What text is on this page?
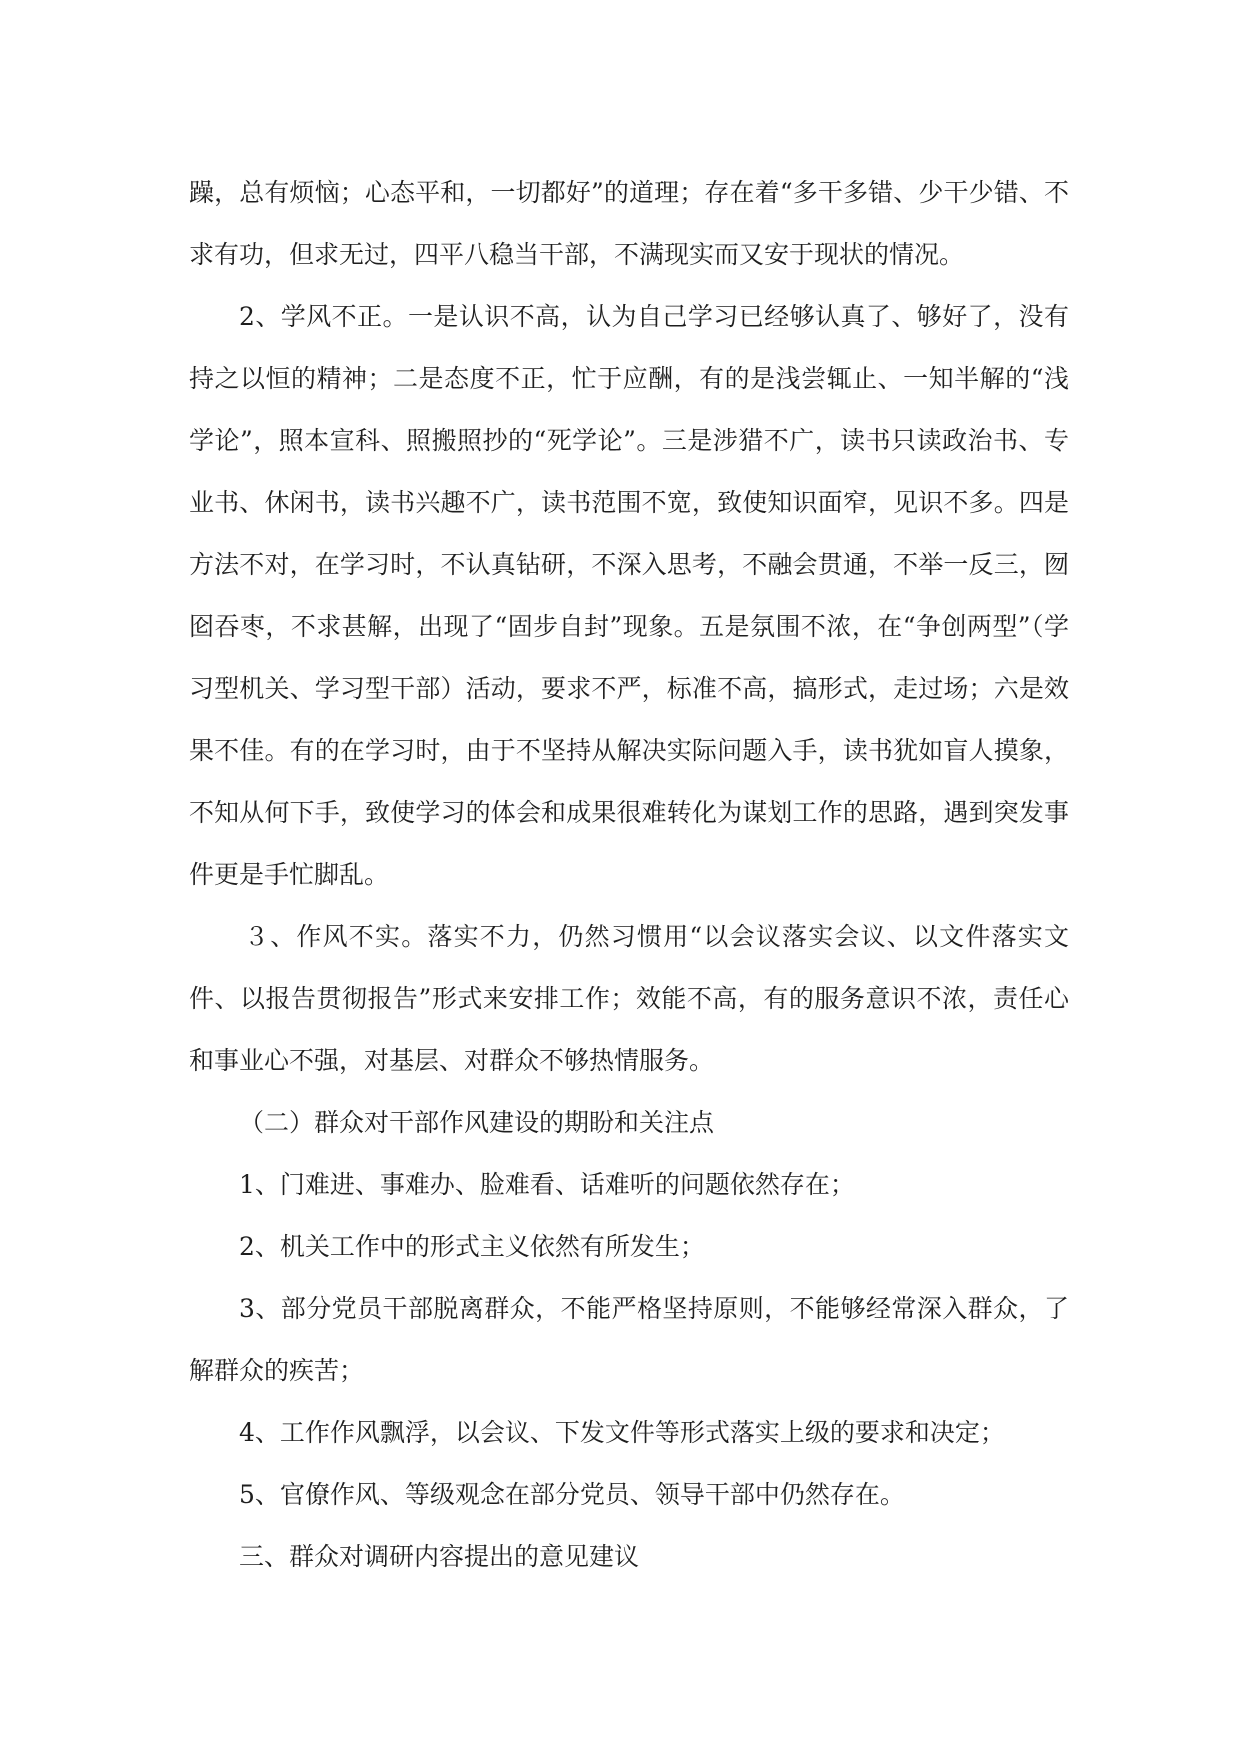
躁，总有烦恼；心态平和，一切都好”的道理；存在着“多干多错、少干少错、不求有功，但求无过，四平八稳当干部，不满现实而又安于现状的情况。

2、学风不正。一是认识不高，认为自己学习已经够认真了、够好了，没有持之以恒的精神；二是态度不正，忙于应酬，有的是浅尝辄止、一知半解的“浅学论”，照本宣科、照搬照抄的“死学论”。三是涉猎不广，读书只读政治书、专业书、休闲书，读书兴趣不广，读书范围不宽，致使知识面窄，见识不多。四是方法不对，在学习时，不认真钻研，不深入思考，不融会贯通，不举一反三，囫囵吞枣，不求甚解，出现了“固步自封”现象。五是氛围不浓，在“争创两型”（学习型机关、学习型干部）活动，要求不严，标准不高，搞形式，走过场；六是效果不佳。有的在学习时，由于不坚持从解决实际问题入手，读书犹如盲人摸象，不知从何下手，致使学习的体会和成果很难转化为谋划工作的思路，遇到突发事件更是手忙脚乱。

３、作风不实。落实不力，仍然习惯用“以会议落实会议、以文件落实文件、以报告贯彻报告”形式来安排工作；效能不高，有的服务意识不浓，责任心和事业心不强，对基层、对群众不够热情服务。

（二）群众对干部作风建设的期盼和关注点

1、门难进、事难办、脸难看、话难听的问题依然存在；

2、机关工作中的形式主义依然有所发生；

3、部分党员干部脱离群众，不能严格坚持原则，不能够经常深入群众，了解群众的疾苦；

4、工作作风飘浮，以会议、下发文件等形式落实上级的要求和决定；

5、官僚作风、等级观念在部分党员、领导干部中仍然存在。

三、群众对调研内容提出的意见建议
